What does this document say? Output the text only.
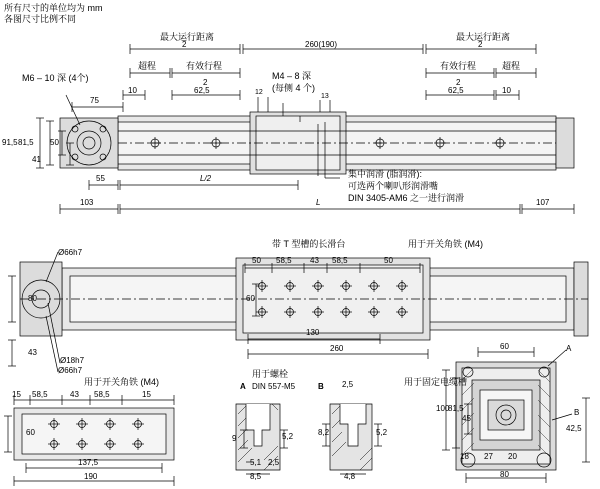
所有尺寸的单位均为 mm
各图尺寸比例不同
最大运行距离	最大运行距离
260(190)
2	2
超程	有效行程	有效行程	超程
2	2
62,5	62,5
M6 – 10 深 (4个)	M4 – 8 深
(每侧 4 个)
75
10	10
12
13
91,5 81,5 50
41
55	L/2
103	L	107
集中润滑 (脂润滑):
可选两个喇叭形润滑嘴
DIN 3405-AM6 之一进行润滑
带 T 型槽的长滑台	用于开关角铁 (M4)
Ø66h7
Ø66h7
Ø18h7
80
43
50 58,5 43 58,5	50
60
130
260
用于开关角铁 (M4)
60	A
B
15 58,5	43 58,5	15
60
137,5
190
A
用于螺栓
DIN 557-M5
9	5,2
5,1 2,5
8,5
B	用于固定电缆槽
2,5
8,2	5,2
4,8
100
81,5
45
18	20
27
80
42,5
